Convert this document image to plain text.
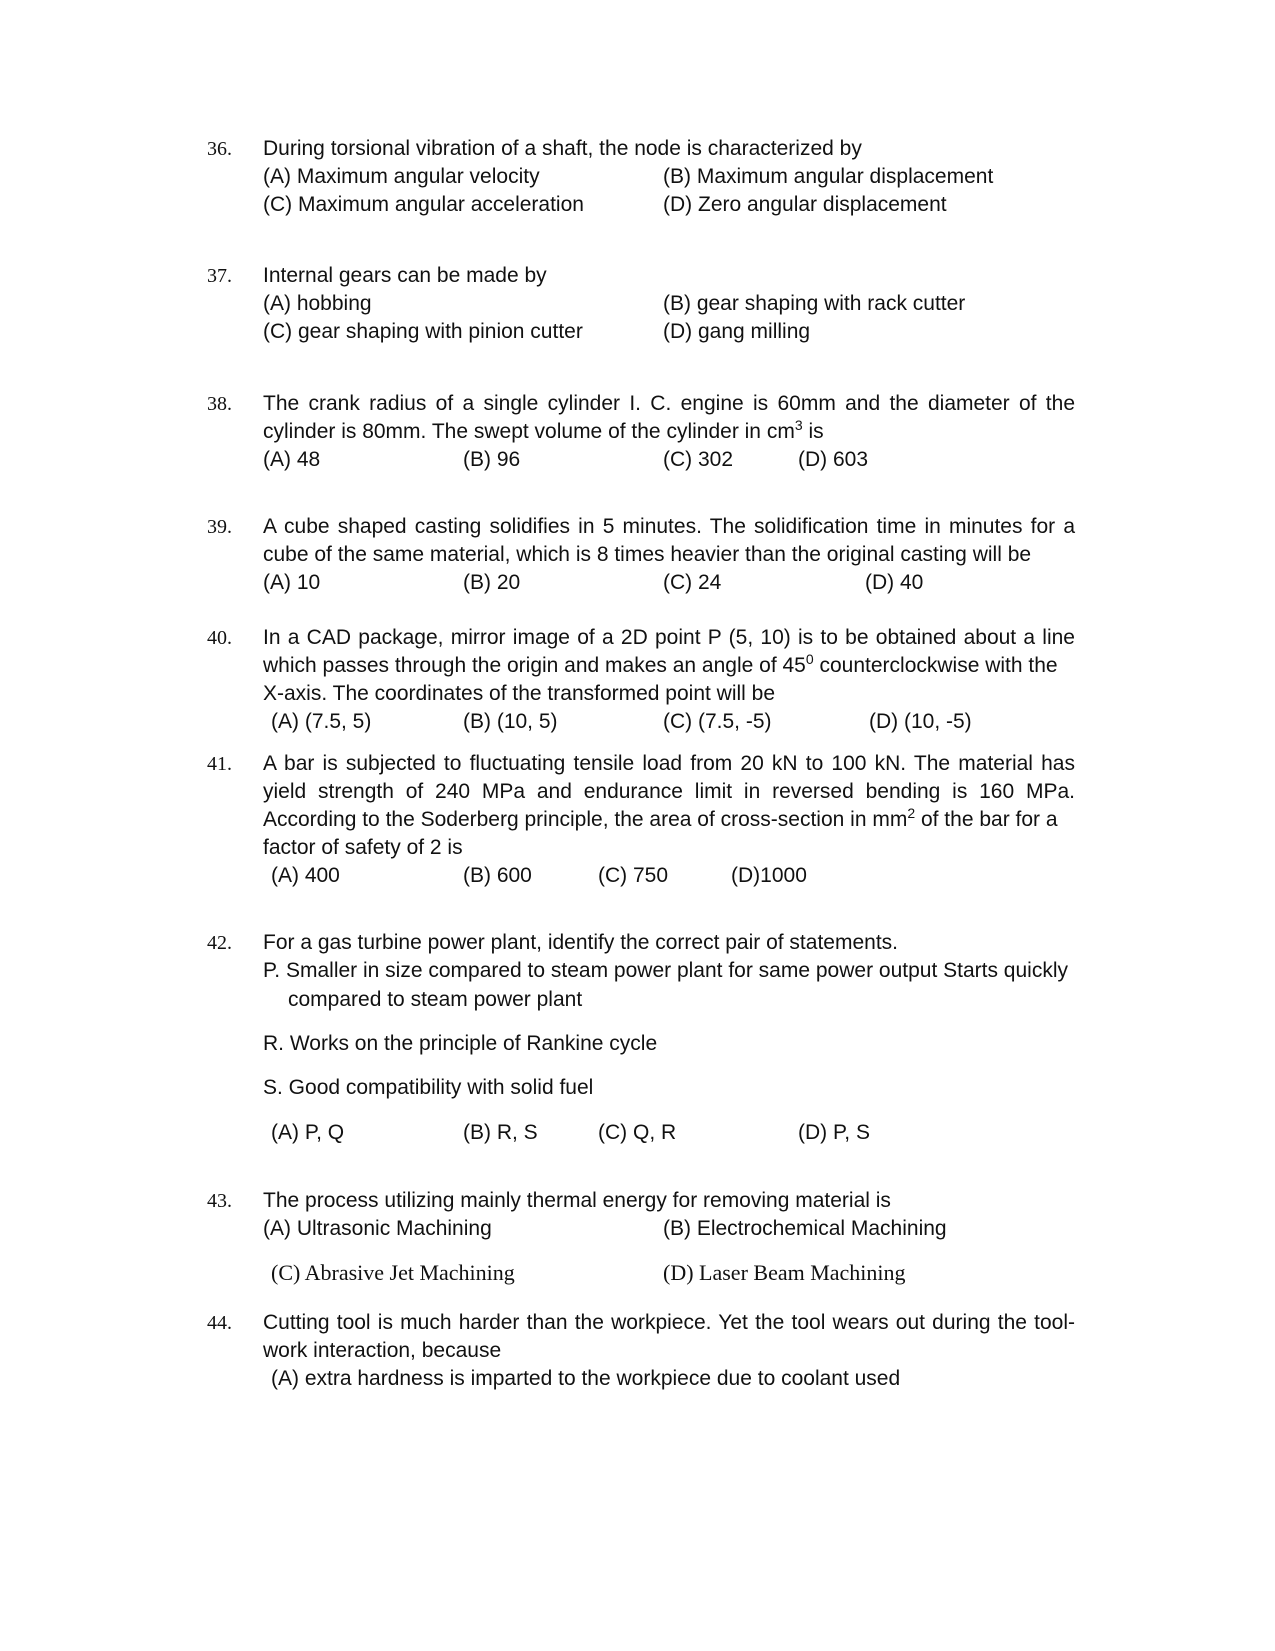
36. During torsional vibration of a shaft, the node is characterized by
(A) Maximum angular velocity	(B) Maximum angular displacement
(C) Maximum angular acceleration	(D) Zero angular displacement
37. Internal gears can be made by
(A) hobbing	(B) gear shaping with rack cutter
(C) gear shaping with pinion cutter	(D) gang milling
38. The crank radius of a single cylinder I. C. engine is 60mm and the diameter of the
cylinder is 80mm. The swept volume of the cylinder in $cm^3$ is
(A) 48	(B) 96	(C) 302	(D) 603
39. A cube shaped casting solidifies in 5 minutes. The solidification time in minutes for a
cube of the same material, which is 8 times heavier than the original casting will be
(A) 10	(B) 20	(C) 24	(D) 40
40. In a CAD package, mirror image of a 2D point P (5, 10) is to be obtained about a line
which passes through the origin and makes an angle of $45^0$ counterclockwise with the
X-axis. The coordinates of the transformed point will be
(A) (7.5, 5)	(B) (10, 5)	(C) (7.5, -5)	(D) (10, -5)
41. A bar is subjected to fluctuating tensile load from 20 kN to 100 kN. The material has
yield strength of 240 MPa and endurance limit in reversed bending is 160 MPa.
According to the Soderberg principle, the area of cross-section in $mm^2$ of the bar for a
factor of safety of 2 is
(A) 400	(B) 600	(C) 750	(D)1000
42. For a gas turbine power plant, identify the correct pair of statements.
P. Smaller in size compared to steam power plant for same power output Starts quickly
compared to steam power plant
R. Works on the principle of Rankine cycle
S. Good compatibility with solid fuel
(A) P, Q	(B) R, S	(C) Q, R	(D) P, S
43. The process utilizing mainly thermal energy for removing material is
(A) Ultrasonic Machining	(B) Electrochemical Machining
(C) Abrasive Jet Machining	(D) Laser Beam Machining
44. Cutting tool is much harder than the workpiece. Yet the tool wears out during the tool-
work interaction, because
(A) extra hardness is imparted to the workpiece due to coolant used
